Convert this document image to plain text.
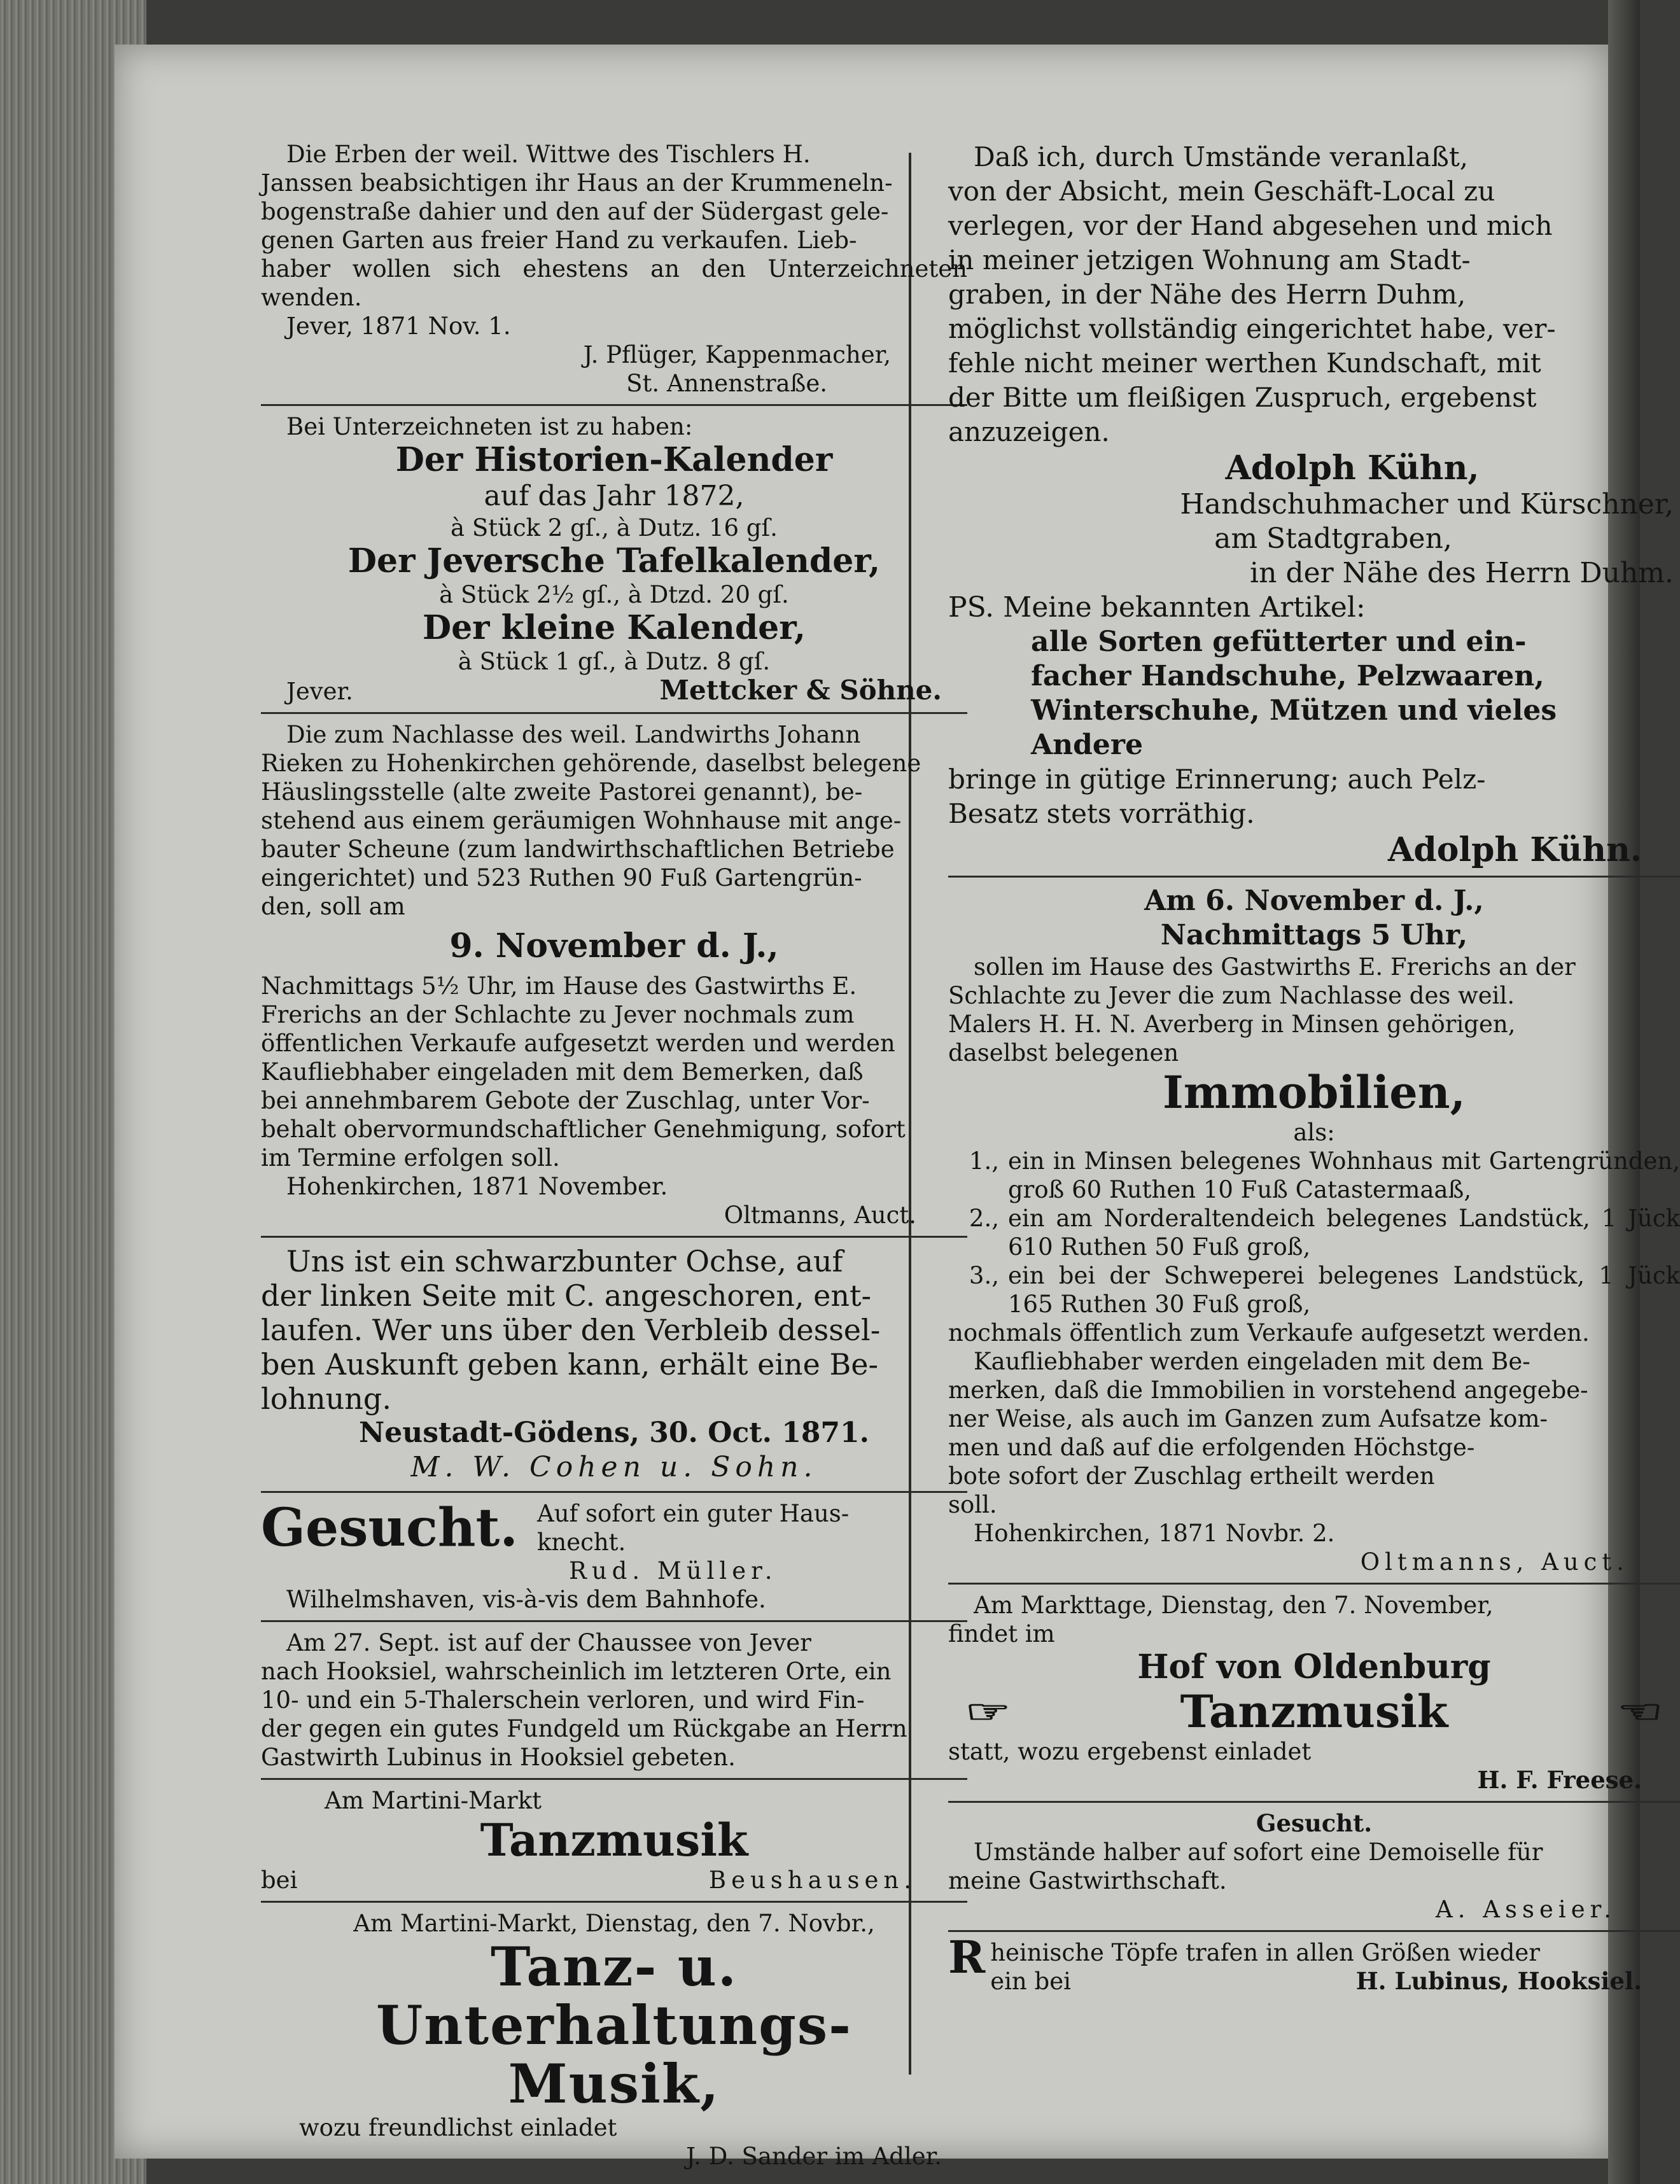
Die Erben der weil. Wittwe des Tischlers H.

Janssen beabsichtigen ihr Haus an der Krummeneln-

bogenstraße dahier und den auf der Südergast gele-

genen Garten aus freier Hand zu verkaufen. Lieb-

haber wollen sich ehestens an den Unterzeichneten wenden.

Jever, 1871 Nov. 1.

J. Pflüger, Kappenmacher,

St. Annenstraße.

Bei Unterzeichneten ist zu haben:

Der Historien-Kalender

auf das Jahr 1872,

à Stück 2 gſ., à Dutz. 16 gſ.

Der Jeversche Tafelkalender,

à Stück 2½ gſ., à Dtzd. 20 gſ.

Der kleine Kalender,

à Stück 1 gſ., à Dutz. 8 gſ.

Jever.	Mettcker & Söhne.

Die zum Nachlasse des weil. Landwirths Johann

Rieken zu Hohenkirchen gehörende, daselbst belegene

Häuslingsstelle (alte zweite Pastorei genannt), be-

stehend aus einem geräumigen Wohnhause mit ange-

bauter Scheune (zum landwirthschaftlichen Betriebe

eingerichtet) und 523 Ruthen 90 Fuß Gartengrün-

den, soll am

9. November d. J.,

Nachmittags 5½ Uhr, im Hause des Gastwirths E.

Frerichs an der Schlachte zu Jever nochmals zum

öffentlichen Verkaufe aufgesetzt werden und werden

Kaufliebhaber eingeladen mit dem Bemerken, daß

bei annehmbarem Gebote der Zuschlag, unter Vor-

behalt obervormundschaftlicher Genehmigung, sofort

im Termine erfolgen soll.

Hohenkirchen, 1871 November.

Oltmanns, Auct.

Uns ist ein schwarzbunter Ochse, auf

der linken Seite mit C. angeschoren, ent-

laufen. Wer uns über den Verbleib dessel-

ben Auskunft geben kann, erhält eine Be-

lohnung.

Neustadt-Gödens, 30. Oct. 1871.

M. W. Cohen u. Sohn.

Gesucht. Auf sofort ein guter Haus-

knecht.

Rud. Müller.

Wilhelmshaven, vis-à-vis dem Bahnhofe.

Am 27. Sept. ist auf der Chaussee von Jever

nach Hooksiel, wahrscheinlich im letzteren Orte, ein

10- und ein 5-Thalerschein verloren, und wird Fin-

der gegen ein gutes Fundgeld um Rückgabe an Herrn

Gastwirth Lubinus in Hooksiel gebeten.

Am Martini-Markt

Tanzmusik

bei	Beushausen.

Am Martini-Markt, Dienstag, den 7. Novbr.,

Tanz- u. Unterhaltungs-

Musik,

wozu freundlichst einladet

J. D. Sander im Adler.

Daß ich, durch Umstände veranlaßt,

von der Absicht, mein Geschäft-Local zu

verlegen, vor der Hand abgesehen und mich

in meiner jetzigen Wohnung am Stadt-

graben, in der Nähe des Herrn Duhm,

möglichst vollständig eingerichtet habe, ver-

fehle nicht meiner werthen Kundschaft, mit

der Bitte um fleißigen Zuspruch, ergebenst

anzuzeigen.

Adolph Kühn,

Handschuhmacher und Kürschner,

am Stadtgraben,

in der Nähe des Herrn Duhm.

PS. Meine bekannten Artikel:

alle Sorten gefütterter und ein-

facher Handschuhe, Pelzwaaren,

Winterschuhe, Mützen und vieles

Andere

bringe in gütige Erinnerung; auch Pelz-

Besatz stets vorräthig.

Adolph Kühn.

Am 6. November d. J.,

Nachmittags 5 Uhr,

sollen im Hause des Gastwirths E. Frerichs an der

Schlachte zu Jever die zum Nachlasse des weil.

Malers H. H. N. Averberg in Minsen gehörigen,

daselbst belegenen

Immobilien,

als:

1., ein in Minsen belegenes Wohnhaus mit Gartengründen, groß 60 Ruthen 10 Fuß Catastermaaß,
2., ein am Norderaltendeich belegenes Landstück, 1 Jück 610 Ruthen 50 Fuß groß,
3., ein bei der Schweperei belegenes Landstück, 1 Jück 165 Ruthen 30 Fuß groß,

nochmals öffentlich zum Verkaufe aufgesetzt werden.

Kaufliebhaber werden eingeladen mit dem Be-

merken, daß die Immobilien in vorstehend angegebe-

ner Weise, als auch im Ganzen zum Aufsatze kom-

men und daß auf die erfolgenden Höchstge-

bote sofort der Zuschlag ertheilt werden

soll.

Hohenkirchen, 1871 Novbr. 2.

Oltmanns, Auct.

Am Markttage, Dienstag, den 7. November,

findet im

Hof von Oldenburg

☞	Tanzmusik	☞

statt, wozu ergebenst einladet

H. F. Freese.

Gesucht.

Umstände halber auf sofort eine Demoiselle für

meine Gastwirthschaft.

A. Asseier.

R heinische Töpfe trafen in allen Größen wieder

ein bei	H. Lubinus, Hooksiel.
